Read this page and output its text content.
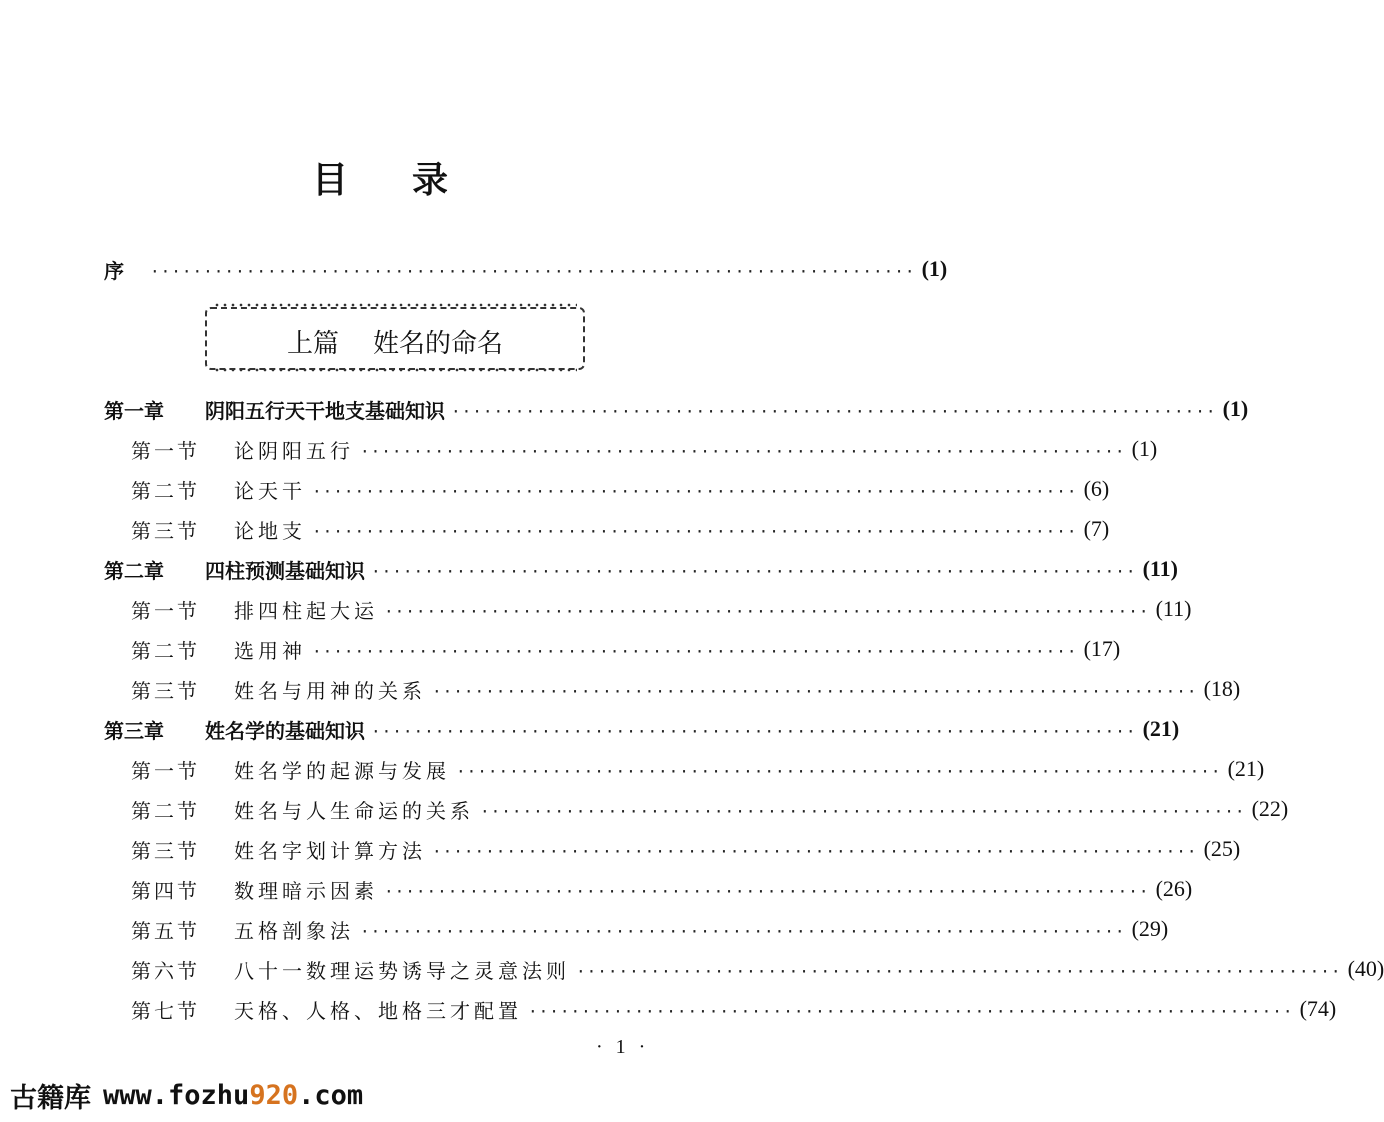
目 录
序	········································································ (1)
上篇 姓名的命名
第一章 阴阳五行天干地支基础知识 ········································································ (1)
第一节 论阴阳五行 ········································································ (1)
第二节 论天干 ········································································ (6)
第三节 论地支 ········································································ (7)
第二章 四柱预测基础知识 ········································································ (11)
第一节 排四柱起大运 ········································································ (11)
第二节 选用神 ········································································ (17)
第三节 姓名与用神的关系 ········································································ (18)
第三章 姓名学的基础知识 ········································································ (21)
第一节 姓名学的起源与发展 ········································································ (21)
第二节 姓名与人生命运的关系 ········································································ (22)
第三节 姓名字划计算方法 ········································································ (25)
第四节 数理暗示因素 ········································································ (26)
第五节 五格剖象法 ········································································ (29)
第六节 八十一数理运势诱导之灵意法则 ········································································ (40)
第七节 天格、人格、地格三才配置 ········································································ (74)
· 1 ·
古籍库 www.fozhu920.com
